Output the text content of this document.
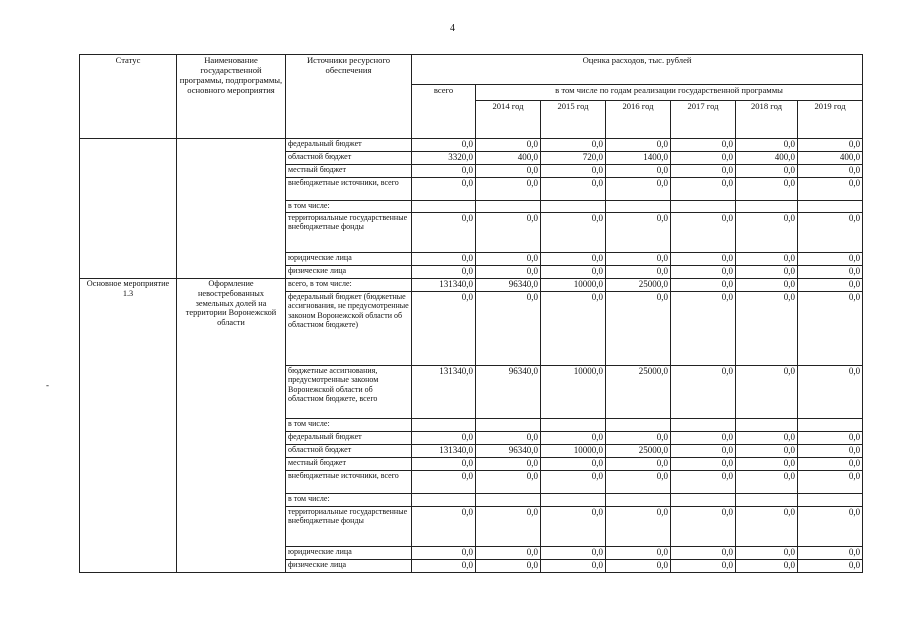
4
-
Статус	Наименование государственной программы, подпрограммы, основного мероприятия	Источники ресурсного обеспечения	Оценка расходов, тыс. рублей						
			всего	в том числе по годам реализации государственной программы					
				2014 год	2015 год	2016 год	2017 год	2018 год	2019 год
		федеральный бюджет	0,0	0,0	0,0	0,0	0,0	0,0	0,0
		областной бюджет	3320,0	400,0	720,0	1400,0	0,0	400,0	400,0
		местный бюджет	0,0	0,0	0,0	0,0	0,0	0,0	0,0
		внебюджетные источники, всего	0,0	0,0	0,0	0,0	0,0	0,0	0,0
		в том числе:							
		территориальные государственные внебюджетные фонды	0,0	0,0	0,0	0,0	0,0	0,0	0,0
		юридические лица	0,0	0,0	0,0	0,0	0,0	0,0	0,0
		физические лица	0,0	0,0	0,0	0,0	0,0	0,0	0,0
Основное мероприятие 1.3	Оформление невостребованных земельных долей на территории Воронежской области	всего, в том числе:	131340,0	96340,0	10000,0	25000,0	0,0	0,0	0,0
		федеральный бюджет (бюджетные ассигнования, не предусмотренные законом Воронежской области об областном бюджете)	0,0	0,0	0,0	0,0	0,0	0,0	0,0
		бюджетные ассигнования, предусмотренные законом Воронежской области об областном бюджете, всего	131340,0	96340,0	10000,0	25000,0	0,0	0,0	0,0
		в том числе:							
		федеральный бюджет	0,0	0,0	0,0	0,0	0,0	0,0	0,0
		областной бюджет	131340,0	96340,0	10000,0	25000,0	0,0	0,0	0,0
		местный бюджет	0,0	0,0	0,0	0,0	0,0	0,0	0,0
		внебюджетные источники, всего	0,0	0,0	0,0	0,0	0,0	0,0	0,0
		в том числе:							
		территориальные государственные внебюджетные фонды	0,0	0,0	0,0	0,0	0,0	0,0	0,0
		юридические лица	0,0	0,0	0,0	0,0	0,0	0,0	0,0
		физические лица	0,0	0,0	0,0	0,0	0,0	0,0	0,0
